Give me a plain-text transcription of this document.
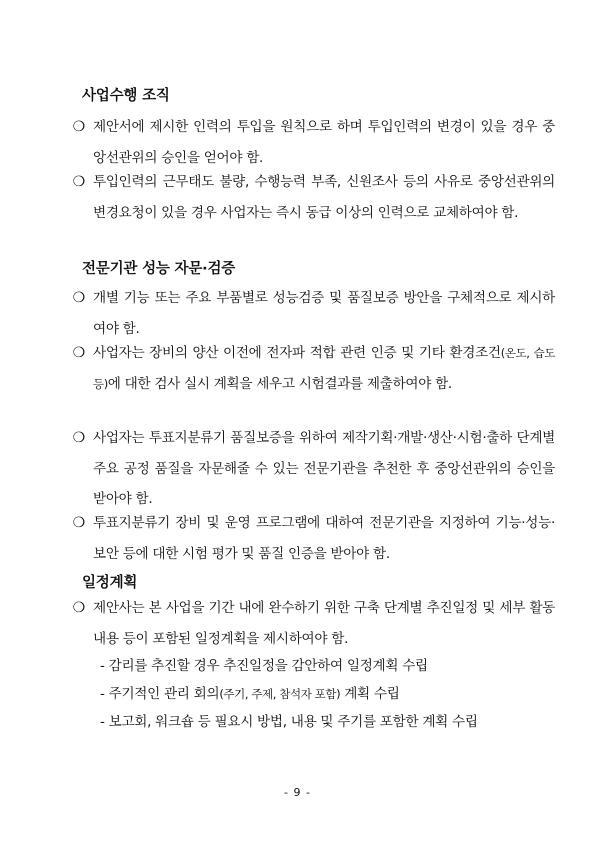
사업수행 조직
❍ 제안서에 제시한 인력의 투입을 원칙으로 하며 투입인력의 변경이 있을 경우 중앙선관위의 승인을 얻어야 함.
❍ 투입인력의 근무태도 불량, 수행능력 부족, 신원조사 등의 사유로 중앙선관위의 변경요청이 있을 경우 사업자는 즉시 동급 이상의 인력으로 교체하여야 함.
전문기관 성능 자문·검증
❍ 개별 기능 또는 주요 부품별로 성능검증 및 품질보증 방안을 구체적으로 제시하여야 함.
❍ 사업자는 장비의 양산 이전에 전자파 적합 관련 인증 및 기타 환경조건(온도, 습도 등)에 대한 검사 실시 계획을 세우고 시험결과를 제출하여야 함.
❍ 사업자는 투표지분류기 품질보증을 위하여 제작기획·개발·생산·시험·출하 단계별 주요 공정 품질을 자문해줄 수 있는 전문기관을 추천한 후 중앙선관위의 승인을 받아야 함.
❍ 투표지분류기 장비 및 운영 프로그램에 대하여 전문기관을 지정하여 기능·성능·보안 등에 대한 시험 평가 및 품질 인증을 받아야 함.
일정계획
❍ 제안사는 본 사업을 기간 내에 완수하기 위한 구축 단계별 추진일정 및 세부 활동 내용 등이 포함된 일정계획을 제시하여야 함.
- 감리를 추진할 경우 추진일정을 감안하여 일정계획 수립
- 주기적인 관리 회의(주기, 주제, 참석자 포함) 계획 수립
- 보고회, 워크숍 등 필요시 방법, 내용 및 주기를 포함한 계획 수립
- 9 -
